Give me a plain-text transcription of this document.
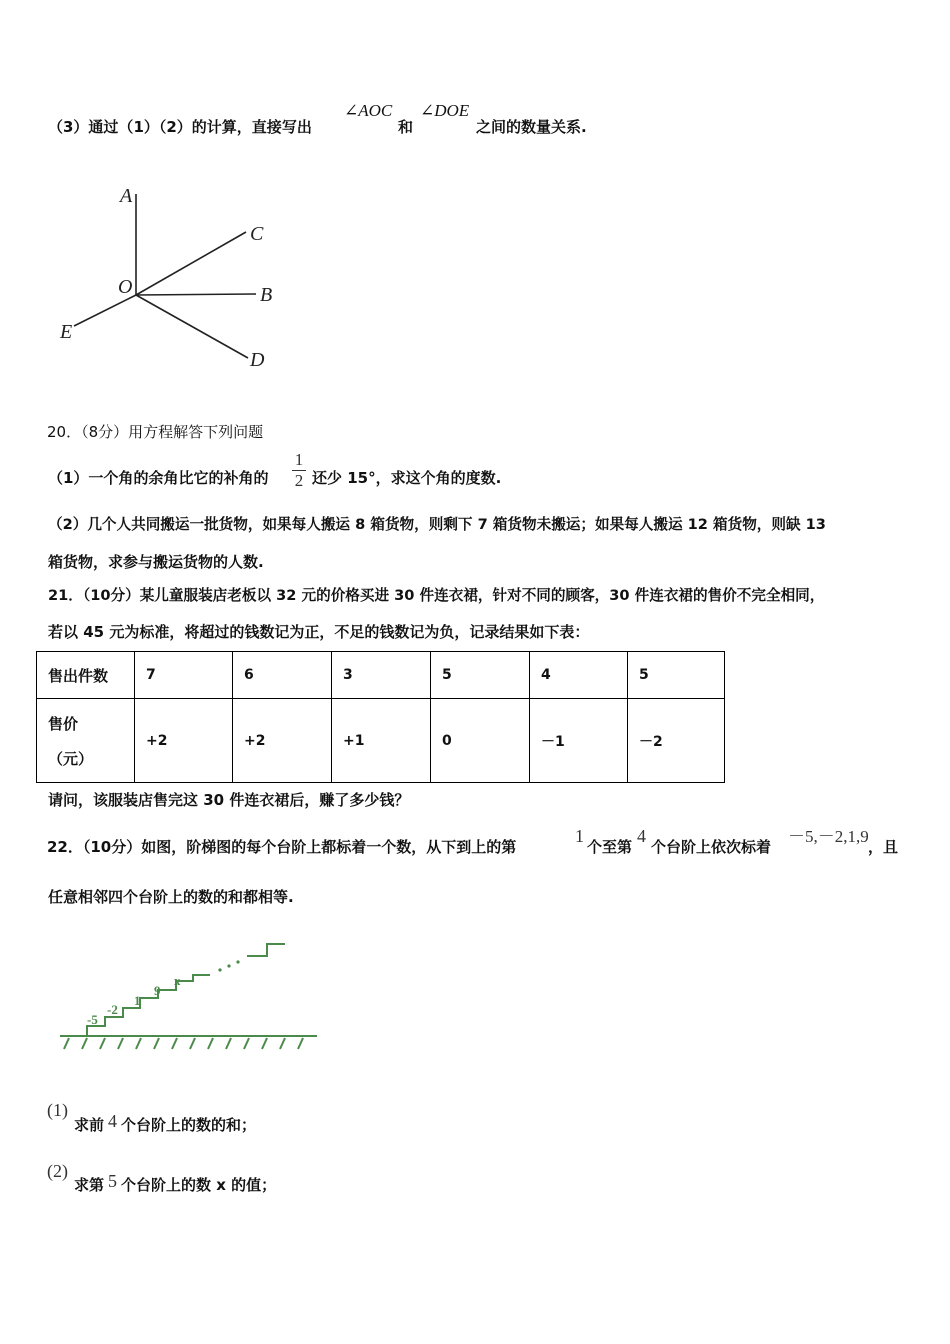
（3）通过（1）（2）的计算，直接写出
∠AOC
和
∠DOE
之间的数量关系.
A
C
O	B
E
D
20．（8分）用方程解答下列问题
（1）一个角的余角比它的补角的
1
2 还少 15°，求这个角的度数.
（2）几个人共同搬运一批货物，如果每人搬运 8 箱货物，则剩下 7 箱货物未搬运；如果每人搬运 12 箱货物，则缺 13
箱货物，求参与搬运货物的人数.
21．（10分）某儿童服装店老板以 32 元的价格买进 30 件连衣裙，针对不同的顾客，30 件连衣裙的售价不完全相同，
若以 45 元为标准，将超过的钱数记为正，不足的钱数记为负，记录结果如下表：
售出件数	7	6	3	5	4	5

售价
（元）	+2	+2	+1	0	－1	－2
请问，该服装店售完这 30 件连衣裙后，赚了多少钱？
22．（10分）如图，阶梯图的每个台阶上都标着一个数，从下到上的第
1
个至第
4
个台阶上依次标着
－5,－2,1,9
，且
任意相邻四个台阶上的数的和都相等.
-5
-2
1
9
x
(1)
求前 4 个台阶上的数的和；
(2)
求第 5 个台阶上的数 x 的值；
